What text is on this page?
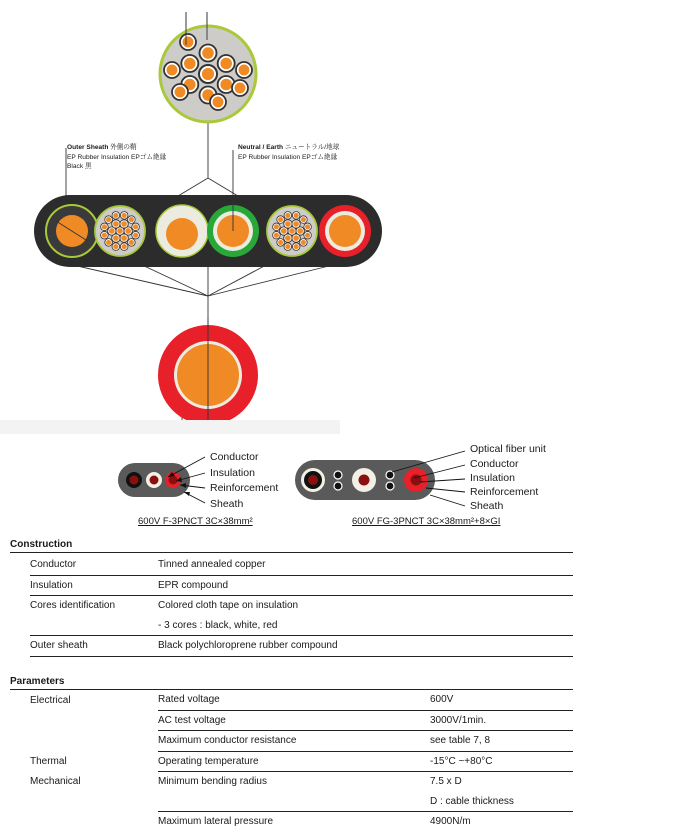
Outer Sheath 外側の鞘
EP Rubber Insulation EPゴム絶縁
Black 黒
Neutral / Earth ニュートラル/地球
EP Rubber Insulation EPゴム絶縁
Conductor
Insulation
Reinforcement
Sheath
600V F-3PNCT 3C×38mm²
Optical fiber unit
Conductor
Insulation
Reinforcement
Sheath
600V FG-3PNCT 3C×38mm²+8×GI
Construction
	Conductor	Tinned annealed copper
	Insulation	EPR compound
	Cores identification	Colored cloth tape on insulation
		- 3 cores : black, white, red
	Outer sheath	Black polychloroprene rubber compound
Parameters
	Electrical	Rated voltage	600V
		AC test voltage	3000V/1min.
		Maximum conductor resistance	see table 7, 8
	Thermal	Operating temperature	-15°C ~+80°C
	Mechanical	Minimum bending radius	7.5 x D
			D : cable thickness
		Maximum lateral pressure	4900N/m
